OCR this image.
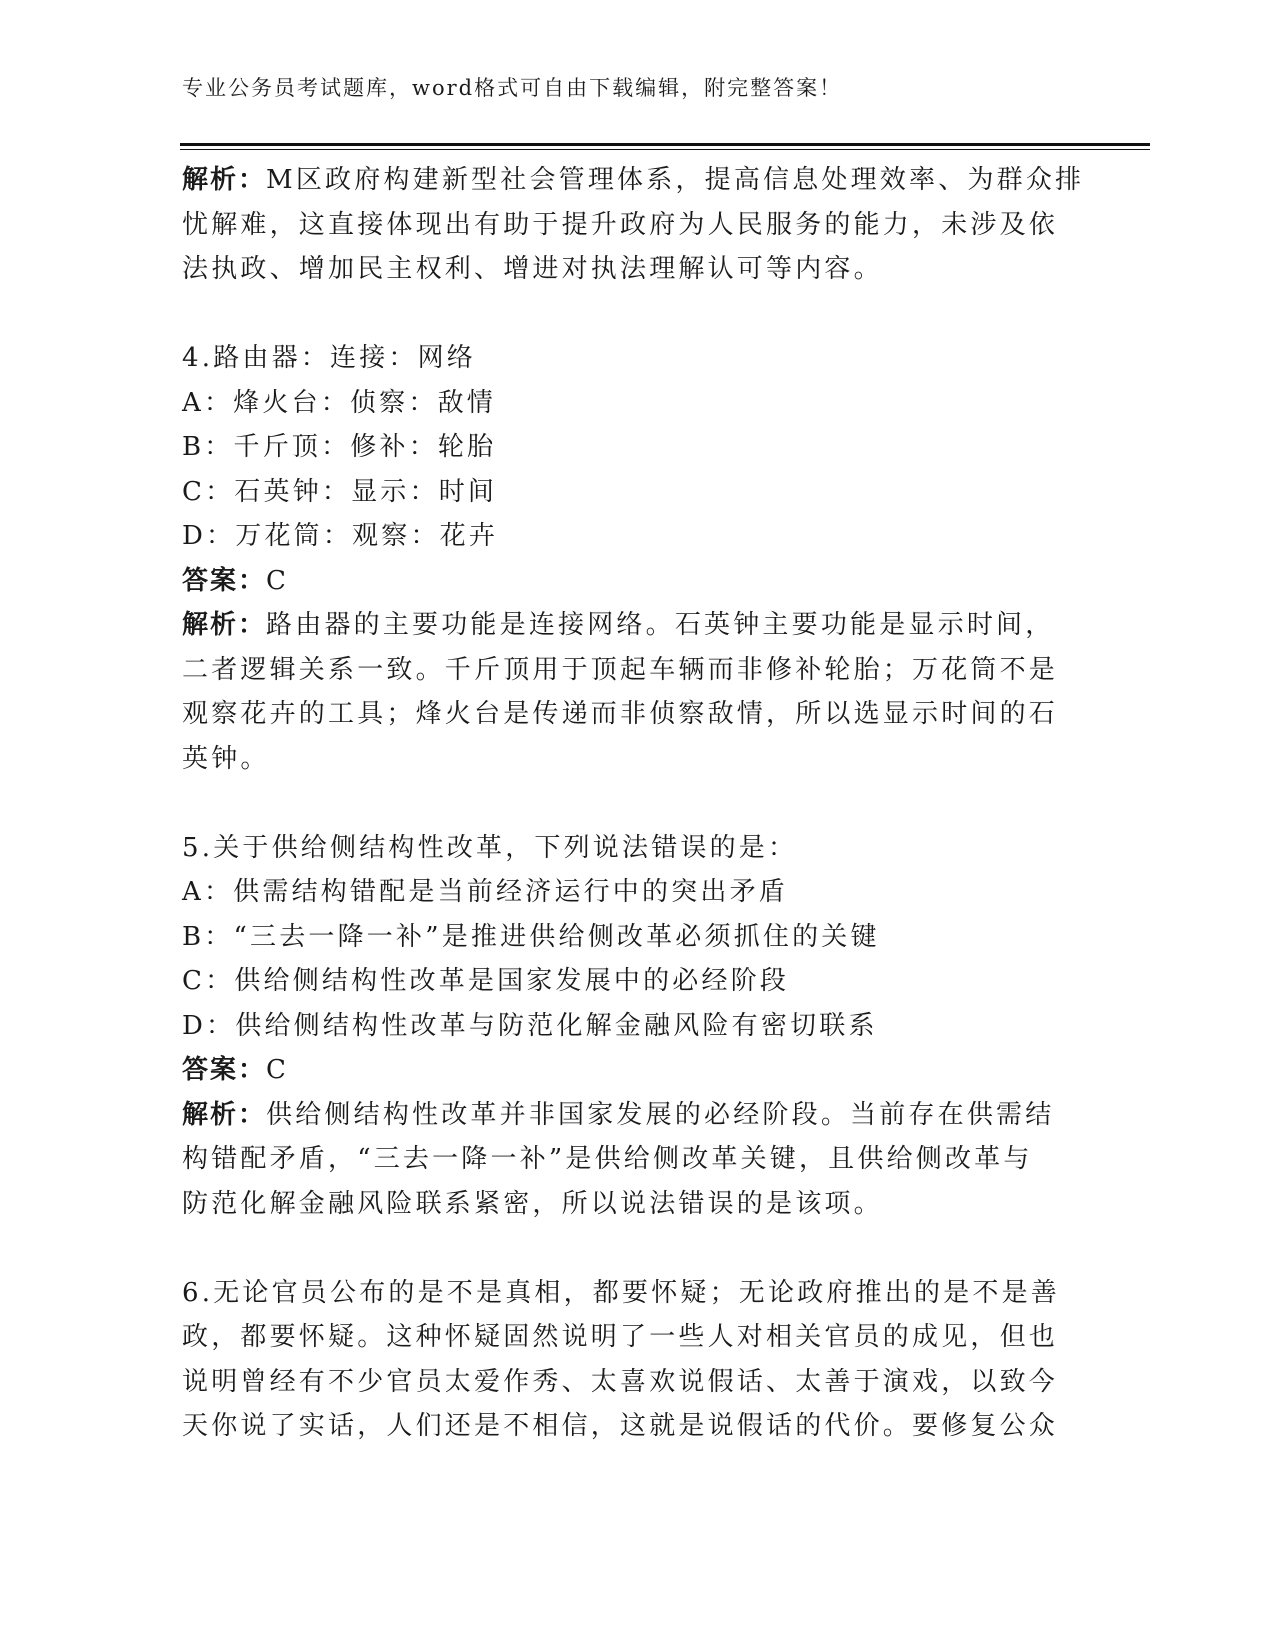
专业公务员考试题库，word格式可自由下载编辑，附完整答案！
解析：M区政府构建新型社会管理体系，提高信息处理效率、为群众排
忧解难，这直接体现出有助于提升政府为人民服务的能力，未涉及依
法执政、增加民主权利、增进对执法理解认可等内容。
4.路由器：连接：网络
A：烽火台：侦察：敌情
B：千斤顶：修补：轮胎
C：石英钟：显示：时间
D：万花筒：观察：花卉
答案：C
解析：路由器的主要功能是连接网络。石英钟主要功能是显示时间，
二者逻辑关系一致。千斤顶用于顶起车辆而非修补轮胎；万花筒不是
观察花卉的工具；烽火台是传递而非侦察敌情，所以选显示时间的石
英钟。
5.关于供给侧结构性改革，下列说法错误的是：
A：供需结构错配是当前经济运行中的突出矛盾
B：“三去一降一补”是推进供给侧改革必须抓住的关键
C：供给侧结构性改革是国家发展中的必经阶段
D：供给侧结构性改革与防范化解金融风险有密切联系
答案：C
解析：供给侧结构性改革并非国家发展的必经阶段。当前存在供需结
构错配矛盾，“三去一降一补”是供给侧改革关键，且供给侧改革与
防范化解金融风险联系紧密，所以说法错误的是该项。
6.无论官员公布的是不是真相，都要怀疑；无论政府推出的是不是善
政，都要怀疑。这种怀疑固然说明了一些人对相关官员的成见，但也
说明曾经有不少官员太爱作秀、太喜欢说假话、太善于演戏，以致今
天你说了实话，人们还是不相信，这就是说假话的代价。要修复公众
